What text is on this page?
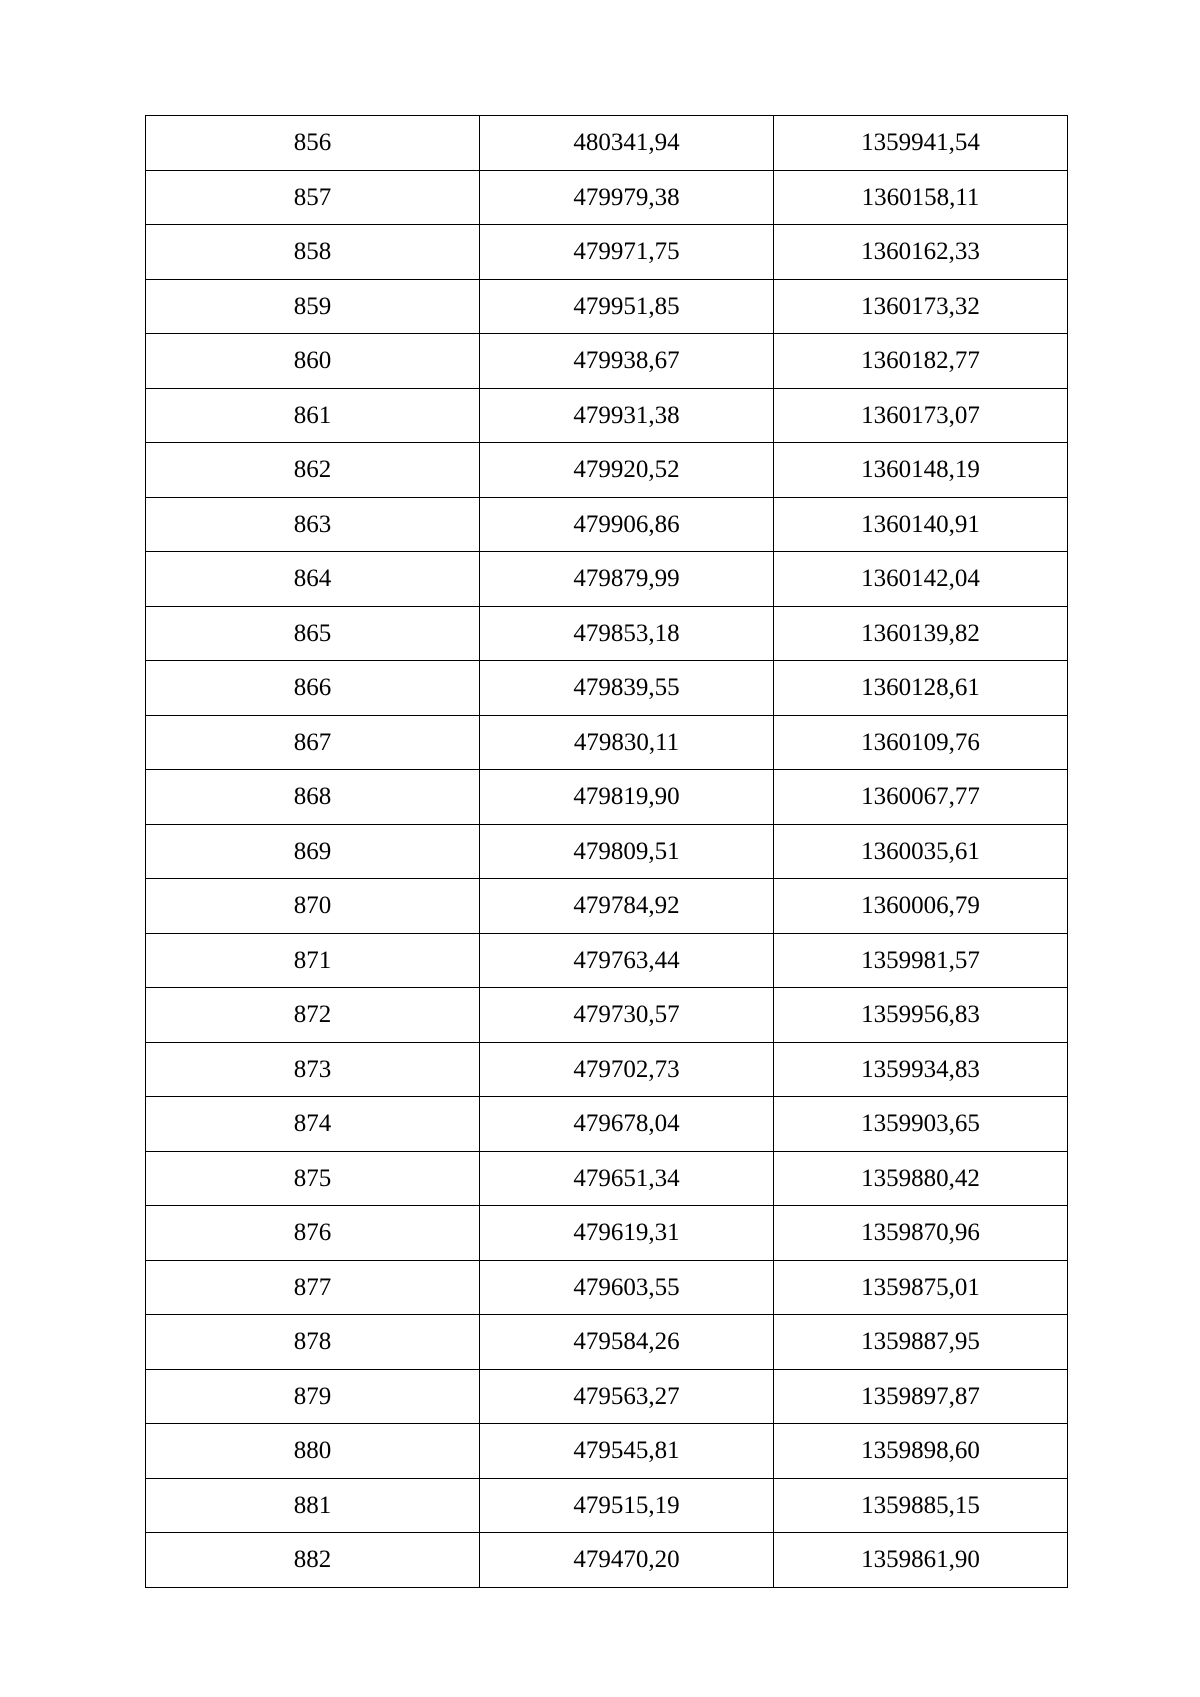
856	480341,94	1359941,54
857	479979,38	1360158,11
858	479971,75	1360162,33
859	479951,85	1360173,32
860	479938,67	1360182,77
861	479931,38	1360173,07
862	479920,52	1360148,19
863	479906,86	1360140,91
864	479879,99	1360142,04
865	479853,18	1360139,82
866	479839,55	1360128,61
867	479830,11	1360109,76
868	479819,90	1360067,77
869	479809,51	1360035,61
870	479784,92	1360006,79
871	479763,44	1359981,57
872	479730,57	1359956,83
873	479702,73	1359934,83
874	479678,04	1359903,65
875	479651,34	1359880,42
876	479619,31	1359870,96
877	479603,55	1359875,01
878	479584,26	1359887,95
879	479563,27	1359897,87
880	479545,81	1359898,60
881	479515,19	1359885,15
882	479470,20	1359861,90
